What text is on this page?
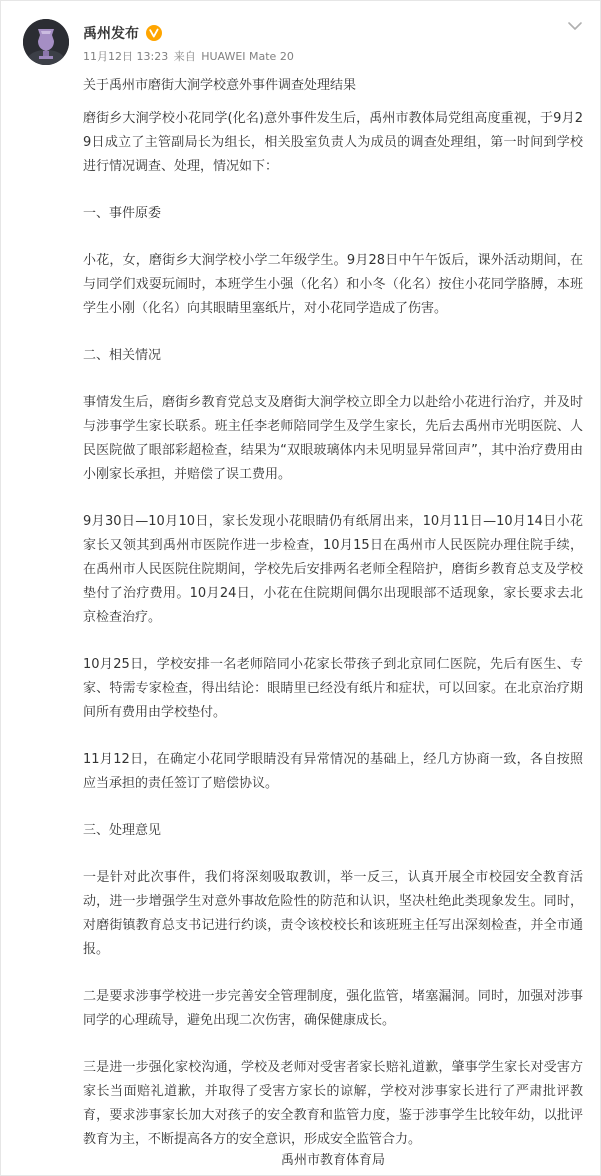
禹州发布
11月12日 13:23 来自 HUAWEI Mate 20
关于禹州市磨街大涧学校意外事件调查处理结果

磨街乡大涧学校小花同学(化名)意外事件发生后，禹州市教体局党组高度重视，于9月29日成立了主管副局长为组长，相关股室负责人为成员的调查处理组，第一时间到学校进行情况调查、处理，情况如下：

一、事件原委

小花，女，磨街乡大涧学校小学二年级学生。9月28日中午午饭后，课外活动期间，在与同学们戏耍玩闹时，本班学生小强（化名）和小冬（化名）按住小花同学胳膊，本班学生小刚（化名）向其眼睛里塞纸片，对小花同学造成了伤害。

二、相关情况

事情发生后，磨街乡教育党总支及磨街大涧学校立即全力以赴给小花进行治疗，并及时与涉事学生家长联系。班主任李老师陪同学生及学生家长，先后去禹州市光明医院、人民医院做了眼部彩超检查，结果为“双眼玻璃体内未见明显异常回声”，其中治疗费用由小刚家长承担，并赔偿了误工费用。

9月30日—10月10日，家长发现小花眼睛仍有纸屑出来，10月11日—10月14日小花家长又领其到禹州市医院作进一步检查，10月15日在禹州市人民医院办理住院手续，在禹州市人民医院住院期间，学校先后安排两名老师全程陪护，磨街乡教育总支及学校垫付了治疗费用。10月24日，小花在住院期间偶尔出现眼部不适现象，家长要求去北京检查治疗。

10月25日，学校安排一名老师陪同小花家长带孩子到北京同仁医院，先后有医生、专家、特需专家检查，得出结论：眼睛里已经没有纸片和症状，可以回家。在北京治疗期间所有费用由学校垫付。

11月12日，在确定小花同学眼睛没有异常情况的基础上，经几方协商一致，各自按照应当承担的责任签订了赔偿协议。

三、处理意见

一是针对此次事件，我们将深刻吸取教训，举一反三，认真开展全市校园安全教育活动，进一步增强学生对意外事故危险性的防范和认识，坚决杜绝此类现象发生。同时，对磨街镇教育总支书记进行约谈，责令该校校长和该班班主任写出深刻检查，并全市通报。

二是要求涉事学校进一步完善安全管理制度，强化监管，堵塞漏洞。同时，加强对涉事同学的心理疏导，避免出现二次伤害，确保健康成长。

三是进一步强化家校沟通，学校及老师对受害者家长赔礼道歉，肇事学生家长对受害方家长当面赔礼道歉，并取得了受害方家长的谅解，学校对涉事家长进行了严肃批评教育，要求涉事家长加大对孩子的安全教育和监管力度，鉴于涉事学生比较年幼，以批评教育为主，不断提高各方的安全意识，形成安全监管合力。

禹州市教育体育局
